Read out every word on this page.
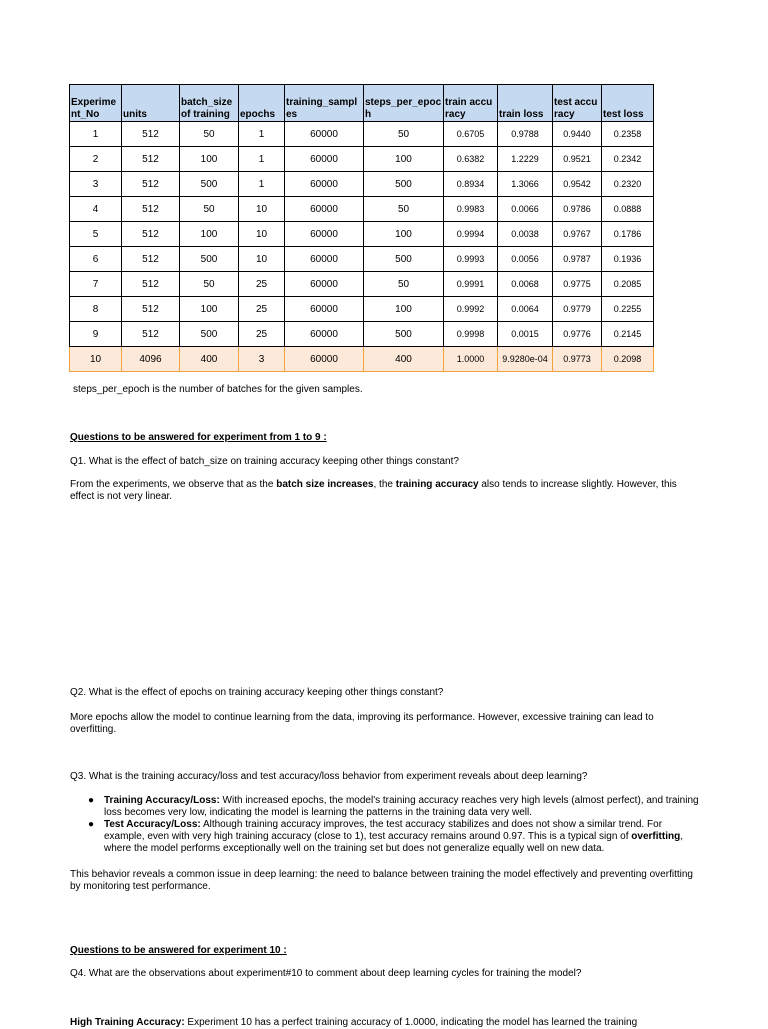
Experiment_No	units	batch_size of training	epochs	training_samples	steps_per_epoch	train accuracy	train loss	test accuracy	test loss
1	512	50	1	60000	50	0.6705	0.9788	0.9440	0.2358
2	512	100	1	60000	100	0.6382	1.2229	0.9521	0.2342
3	512	500	1	60000	500	0.8934	1.3066	0.9542	0.2320
4	512	50	10	60000	50	0.9983	0.0066	0.9786	0.0888
5	512	100	10	60000	100	0.9994	0.0038	0.9767	0.1786
6	512	500	10	60000	500	0.9993	0.0056	0.9787	0.1936
7	512	50	25	60000	50	0.9991	0.0068	0.9775	0.2085
8	512	100	25	60000	100	0.9992	0.0064	0.9779	0.2255
9	512	500	25	60000	500	0.9998	0.0015	0.9776	0.2145
10	4096	400	3	60000	400	1.0000	9.9280e-04	0.9773	0.2098

steps_per_epoch is the number of batches for the given samples.

Questions to be answered for experiment from 1 to 9 :

Q1. What is the effect of batch_size on training accuracy keeping other things constant?

From the experiments, we observe that as the batch size increases, the training accuracy also tends to increase slightly. However, this effect is not very linear.

Q2. What is the effect of epochs on training accuracy keeping other things constant?

More epochs allow the model to continue learning from the data, improving its performance. However, excessive training can lead to overfitting.

Q3. What is the training accuracy/loss and test accuracy/loss behavior from experiment reveals about deep learning?

● Training Accuracy/Loss: With increased epochs, the model's training accuracy reaches very high levels (almost perfect), and training loss becomes very low, indicating the model is learning the patterns in the training data very well.
● Test Accuracy/Loss: Although training accuracy improves, the test accuracy stabilizes and does not show a similar trend. For example, even with very high training accuracy (close to 1), test accuracy remains around 0.97. This is a typical sign of overfitting, where the model performs exceptionally well on the training set but does not generalize equally well on new data.

This behavior reveals a common issue in deep learning: the need to balance between training the model effectively and preventing overfitting by monitoring test performance.

Questions to be answered for experiment 10 :

Q4. What are the observations about experiment#10 to comment about deep learning cycles for training the model?

High Training Accuracy: Experiment 10 has a perfect training accuracy of 1.0000, indicating the model has learned the training
